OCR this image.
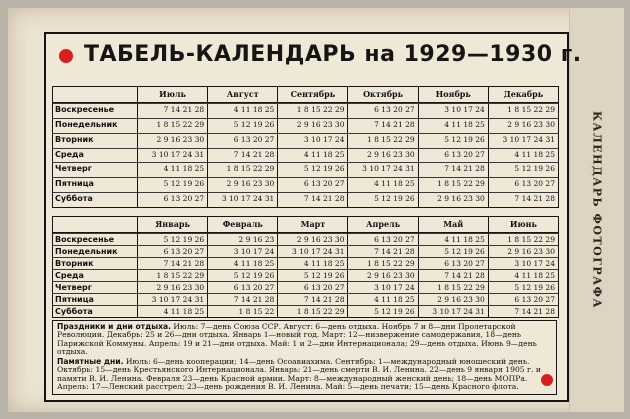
КАЛЕНДАРЬ ФОТОГРАФА
ТАБЕЛЬ-КАЛЕНДАРЬ на 1929—1930 г.
Июль	Август	Сентябрь	Октябрь	Ноябрь	Декабрь
Воскресенье	7 14 21 28	4 11 18 25	1 8 15 22 29	6 13 20 27	3 10 17 24	1 8 15 22 29
Понедельник	1 8 15 22 29	5 12 19 26	2 9 16 23 30	7 14 21 28	4 11 18 25	2 9 16 23 30
Вторник	2 9 16 23 30	6 13 20 27	3 10 17 24	1 8 15 22 29	5 12 19 26	3 10 17 24 31
Среда	3 10 17 24 31	7 14 21 28	4 11 18 25	2 9 16 23 30	6 13 20 27	4 11 18 25
Четверг	4 11 18 25	1 8 15 22 29	5 12 19 26	3 10 17 24 31	7 14 21 28	5 12 19 26
Пятница	5 12 19 26	2 9 16 23 30	6 13 20 27	4 11 18 25	1 8 15 22 29	6 13 20 27
Суббота	6 13 20 27	3 10 17 24 31	7 14 21 28	5 12 19 26	2 9 16 23 30	7 14 21 28
Январь	Февраль	Март	Апрель	Май	Июнь
Воскресенье	5 12 19 26	2 9 16 23	2 9 16 23 30	6 13 20 27	4 11 18 25	1 8 15 22 29
Понедельник	6 13 20 27	3 10 17 24	3 10 17 24 31	7 14 21 28	5 12 19 26	2 9 16 23 30
Вторник	7 14 21 28	4 11 18 25	4 11 18 25	1 8 15 22 29	6 13 20 27	3 10 17 24
Среда	1 8 15 22 29	5 12 19 26	5 12 19 26	2 9 16 23 30	7 14 21 28	4 11 18 25
Четверг	2 9 16 23 30	6 13 20 27	6 13 20 27	3 10 17 24	1 8 15 22 29	5 12 19 26
Пятница	3 10 17 24 31	7 14 21 28	7 14 21 28	4 11 18 25	2 9 16 23 30	6 13 20 27
Суббота	4 11 18 25	1 8 15 22	1 8 15 22 29	5 12 19 26	3 10 17 24 31	7 14 21 28
Праздники и дни отдыха. Июль: 7—день Союза ССР. Август: 6—день отдыха. Ноябрь 7 и 8—дни Пролетарской Революции. Декабрь: 25 и 26—дни отдыха. Январь 1—новый год. Март: 12—низвержение самодержавия, 18—день Парижской Коммуны. Апрель: 19 и 21—дни отдыха. Май: 1 и 2—дни Интернационала; 29—день отдыха. Июнь 9—день отдыха.
Памятные дни. Июль: 6—день кооперации; 14—день Осоавиахима. Сентябрь: 1—международный юношеский день. Октябрь: 15—день Крестьянского Интернационала. Январь: 21—день смерти В. И. Ленина. 22—день 9 января 1905 г. и памяти В. И. Ленина. Февраля 23—день Красной армии. Март: 8—международный женский день; 18—день МОПРа. Апрель: 17—Ленский расстрел; 23—день рождения В. И. Ленина. Май: 5—день печати; 15—день Красного флота.
